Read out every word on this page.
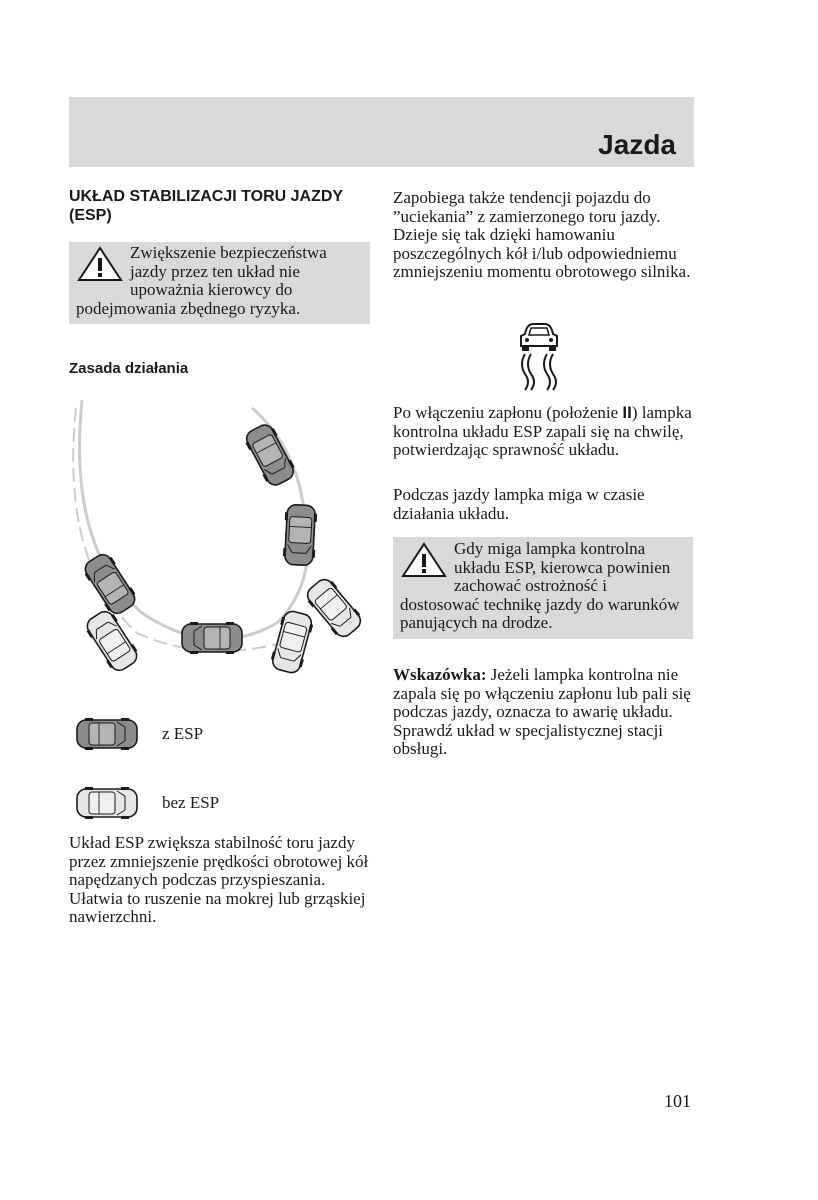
Jazda
UKŁAD STABILIZACJI TORU JAZDY (ESP)
Zwiększenie bezpieczeństwa jazdy przez ten układ nie upoważnia kierowcy do podejmowania zbędnego ryzyka.
Zasada działania
z ESP
bez ESP

Układ ESP zwiększa stabilność toru jazdy przez zmniejszenie prędkości obrotowej kół napędzanych podczas przyspieszania. Ułatwia to ruszenie na mokrej lub grząskiej nawierzchni.

Zapobiega także tendencji pojazdu do ”uciekania” z zamierzonego toru jazdy. Dzieje się tak dzięki hamowaniu poszczególnych kół i/lub odpowiedniemu zmniejszeniu momentu obrotowego silnika.

Po włączeniu zapłonu (położenie II) lampka kontrolna układu ESP zapali się na chwilę, potwierdzając sprawność układu.

Podczas jazdy lampka miga w czasie działania układu.

Gdy miga lampka kontrolna układu ESP, kierowca powinien zachować ostrożność i dostosować technikę jazdy do warunków panujących na drodze.

Wskazówka: Jeżeli lampka kontrolna nie zapala się po włączeniu zapłonu lub pali się podczas jazdy, oznacza to awarię układu. Sprawdź układ w specjalistycznej stacji obsługi.

101
